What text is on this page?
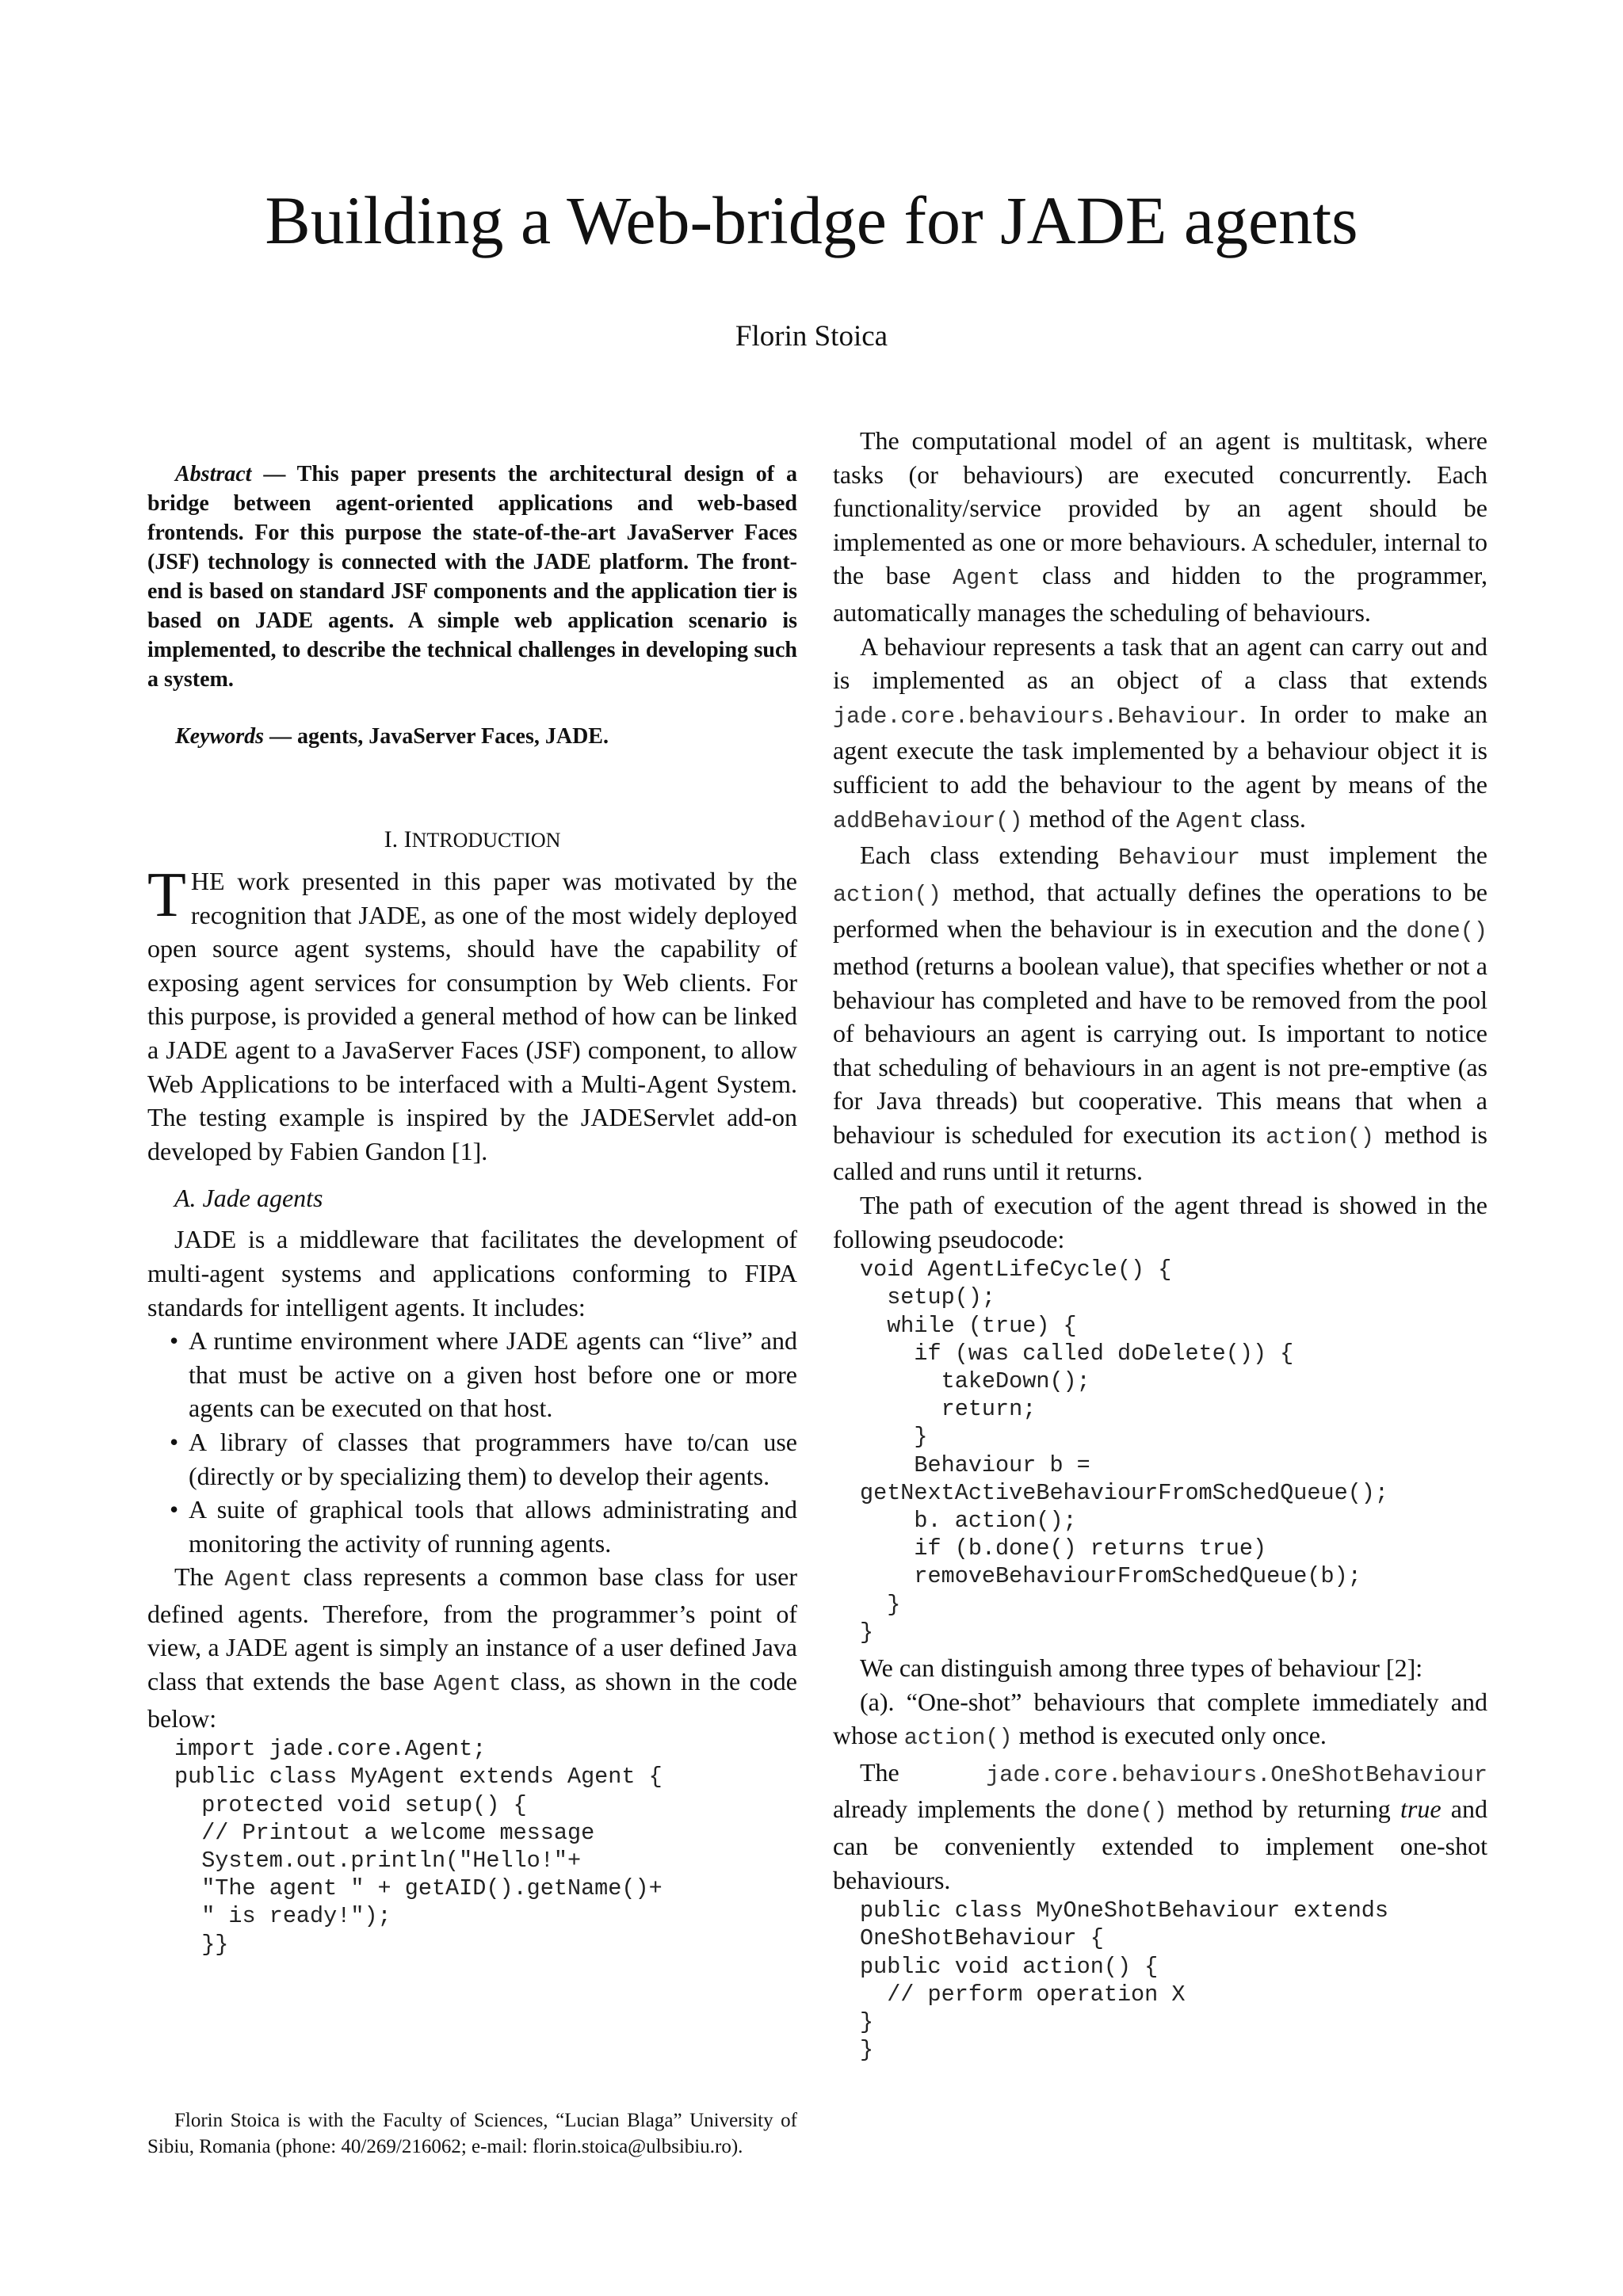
Building a Web-bridge for JADE agents
Florin Stoica

Abstract — This paper presents the architectural design of a bridge between agent-oriented applications and web-based frontends. For this purpose the state-of-the-art JavaServer Faces (JSF) technology is connected with the JADE platform. The front-end is based on standard JSF components and the application tier is based on JADE agents. A simple web application scenario is implemented, to describe the technical challenges in developing such a system.

Keywords — agents, JavaServer Faces, JADE.

I. INTRODUCTION

THE work presented in this paper was motivated by the recognition that JADE, as one of the most widely deployed open source agent systems, should have the capability of exposing agent services for consumption by Web clients. For this purpose, is provided a general method of how can be linked a JADE agent to a JavaServer Faces (JSF) component, to allow Web Applications to be interfaced with a Multi-Agent System. The testing example is inspired by the JADEServlet add-on developed by Fabien Gandon [1].

A. Jade agents

JADE is a middleware that facilitates the development of multi-agent systems and applications conforming to FIPA standards for intelligent agents. It includes:

• A runtime environment where JADE agents can “live” and that must be active on a given host before one or more agents can be executed on that host.
• A library of classes that programmers have to/can use (directly or by specializing them) to develop their agents.
• A suite of graphical tools that allows administrating and monitoring the activity of running agents.

The Agent class represents a common base class for user defined agents. Therefore, from the programmer’s point of view, a JADE agent is simply an instance of a user defined Java class that extends the base Agent class, as shown in the code below:

import jade.core.Agent;
public class MyAgent extends Agent {
protected void setup() {
// Printout a welcome message
System.out.println("Hello!"+
"The agent " + getAID().getName()+
" is ready!");
}}
Florin Stoica is with the Faculty of Sciences, “Lucian Blaga” University of Sibiu, Romania (phone: 40/269/216062; e-mail: florin.stoica@ulbsibiu.ro).

The computational model of an agent is multitask, where tasks (or behaviours) are executed concurrently. Each functionality/service provided by an agent should be implemented as one or more behaviours. A scheduler, internal to the base Agent class and hidden to the programmer, automatically manages the scheduling of behaviours.

A behaviour represents a task that an agent can carry out and is implemented as an object of a class that extends jade.core.behaviours.Behaviour. In order to make an agent execute the task implemented by a behaviour object it is sufficient to add the behaviour to the agent by means of the addBehaviour() method of the Agent class.

Each class extending Behaviour must implement the action() method, that actually defines the operations to be performed when the behaviour is in execution and the done() method (returns a boolean value), that specifies whether or not a behaviour has completed and have to be removed from the pool of behaviours an agent is carrying out. Is important to notice that scheduling of behaviours in an agent is not pre-emptive (as for Java threads) but cooperative. This means that when a behaviour is scheduled for execution its action() method is called and runs until it returns.

The path of execution of the agent thread is showed in the following pseudocode:

void AgentLifeCycle() {
setup();
while (true) {
if (was called doDelete()) {
takeDown();
return;
}
Behaviour b =
getNextActiveBehaviourFromSchedQueue();
b. action();
if (b.done() returns true)
removeBehaviourFromSchedQueue(b);
}
}

We can distinguish among three types of behaviour [2]:

(a). “One-shot” behaviours that complete immediately and whose action() method is executed only once.

The jade.core.behaviours.OneShotBehaviour already implements the done() method by returning true and can be conveniently extended to implement one-shot behaviours.

public class MyOneShotBehaviour extends
OneShotBehaviour {
public void action() {
// perform operation X
}
}
